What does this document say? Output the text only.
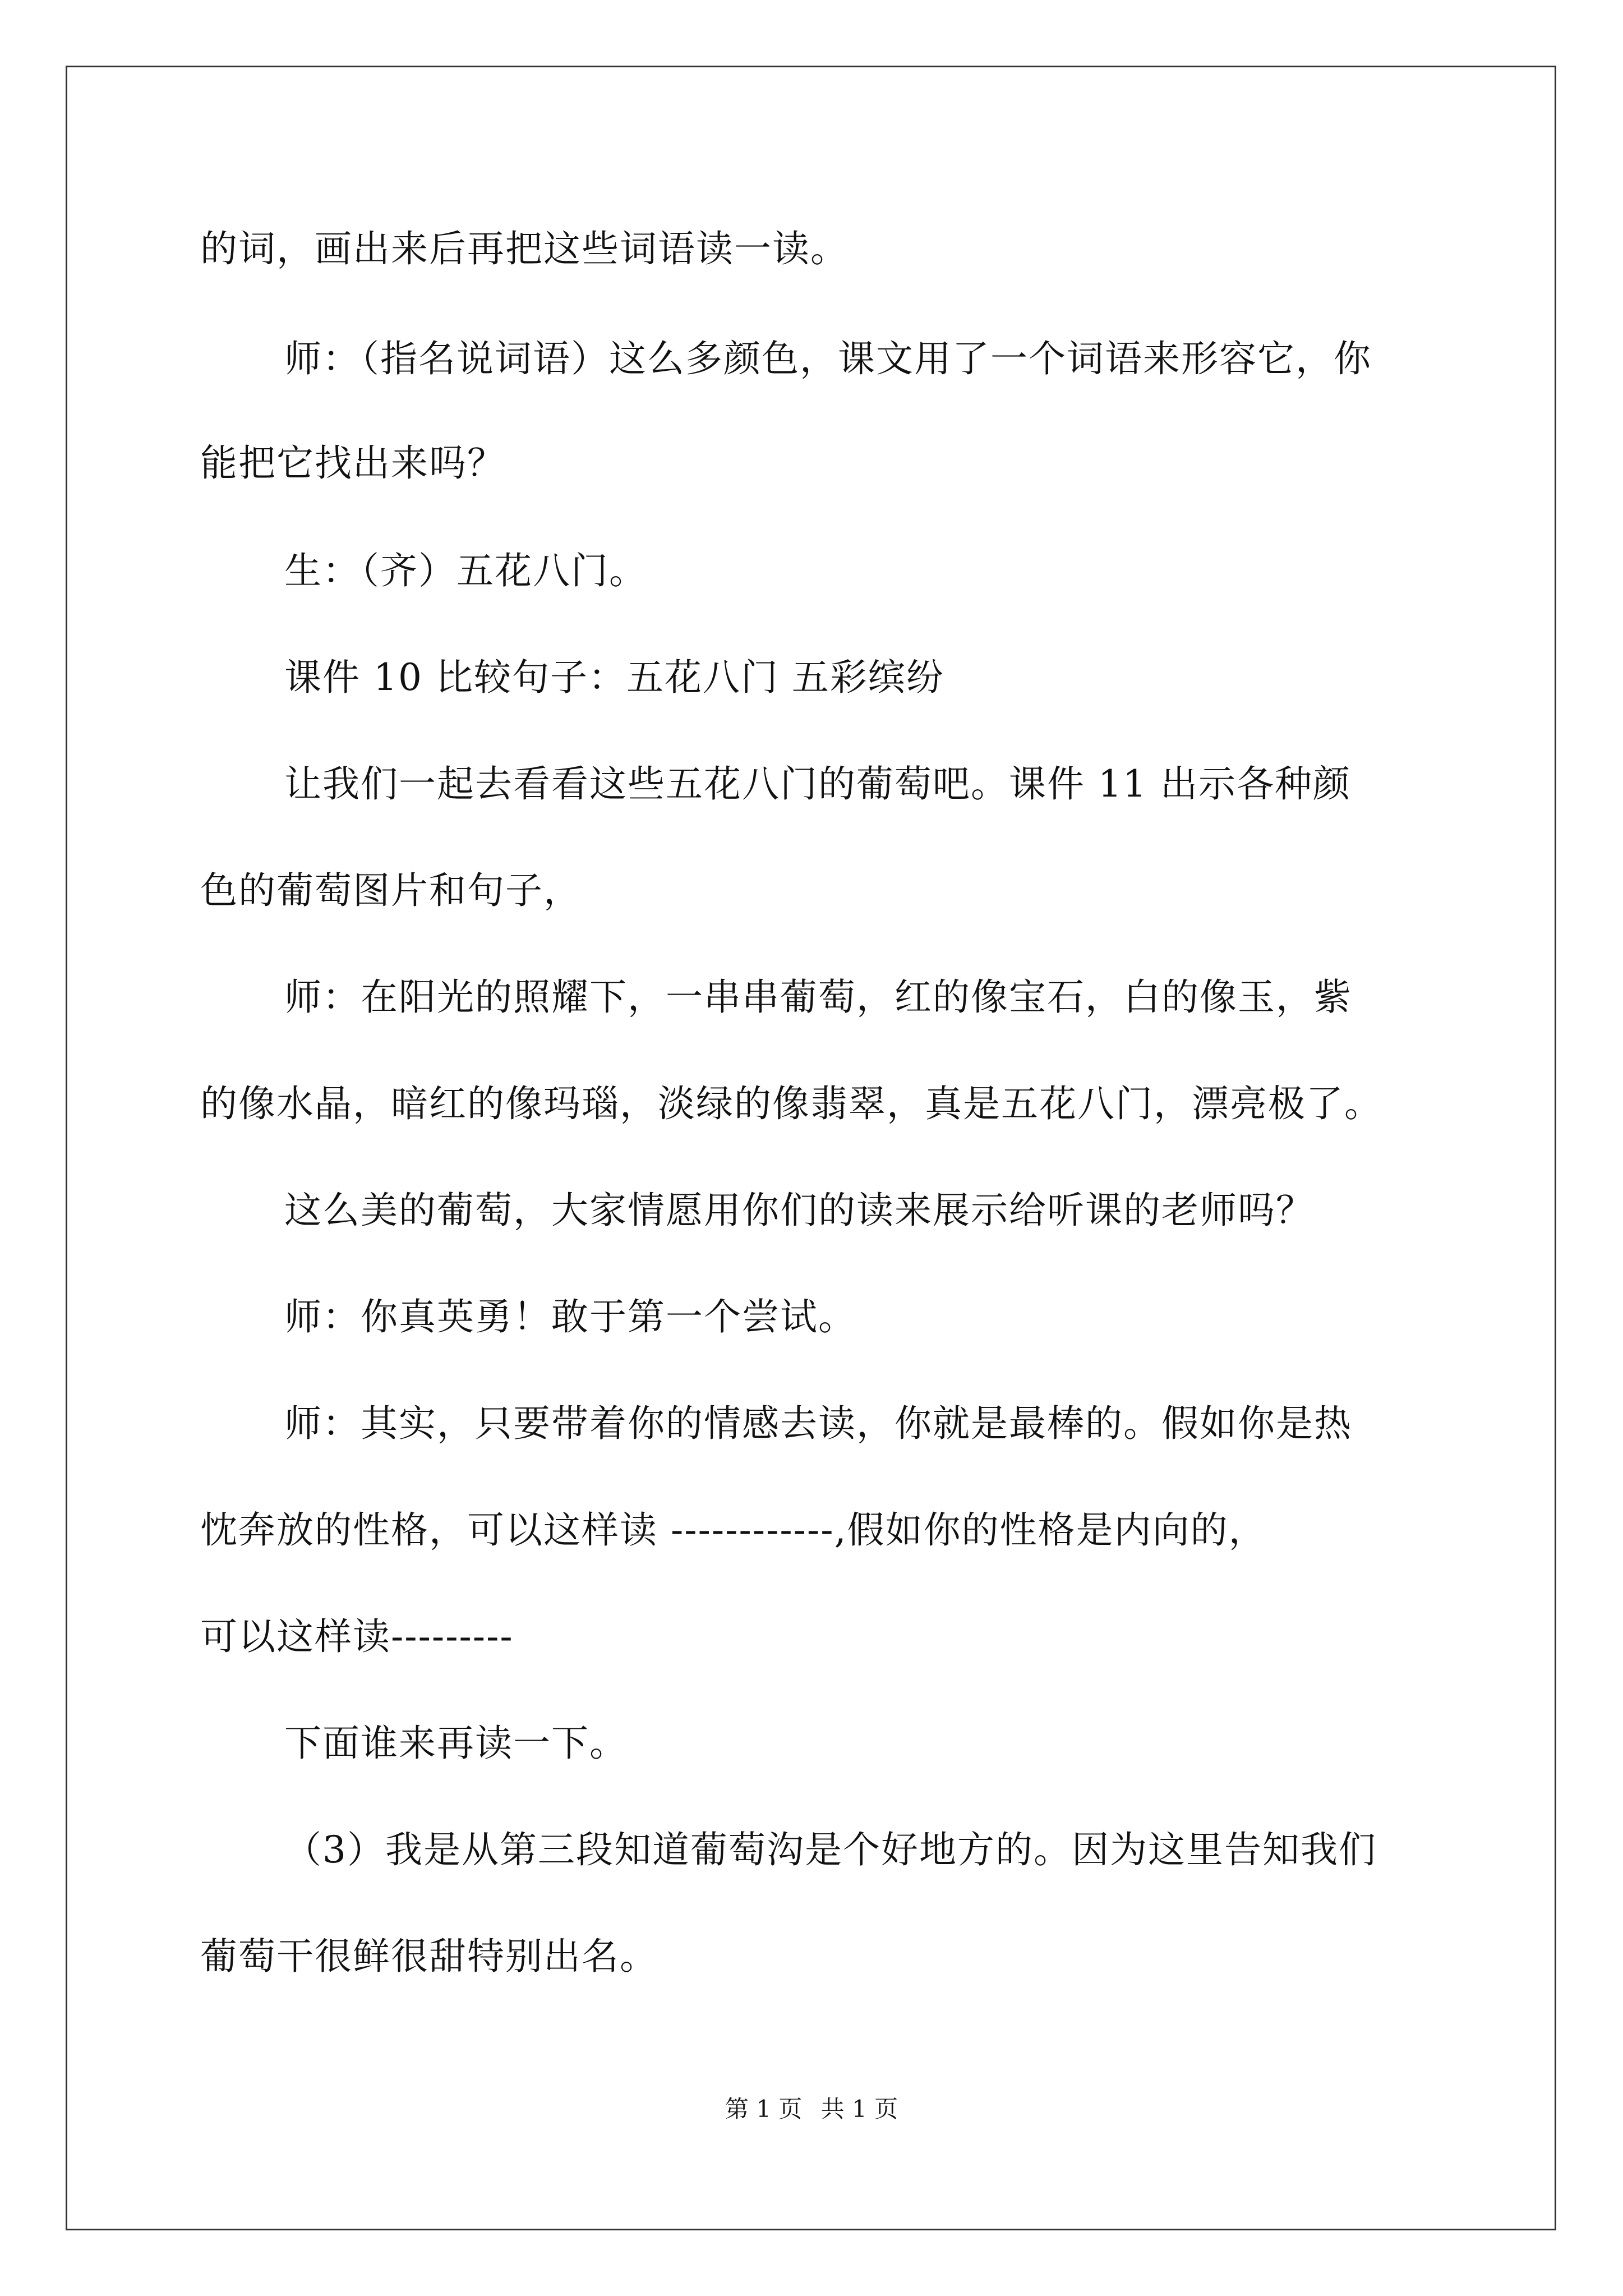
的词，画出来后再把这些词语读一读。
师：（指名说词语）这么多颜色，课文用了一个词语来形容它，你
能把它找出来吗？
生：（齐）五花八门。
课件 10 比较句子：五花八门 五彩缤纷
让我们一起去看看这些五花八门的葡萄吧。课件 11 出示各种颜
色的葡萄图片和句子，
师：在阳光的照耀下，一串串葡萄，红的像宝石，白的像玉，紫
的像水晶，暗红的像玛瑙，淡绿的像翡翠，真是五花八门，漂亮极了。
这么美的葡萄，大家情愿用你们的读来展示给听课的老师吗？
师：你真英勇！敢于第一个尝试。
师：其实，只要带着你的情感去读，你就是最棒的。假如你是热
忱奔放的性格，可以这样读 ------------,假如你的性格是内向的，
可以这样读---------
下面谁来再读一下。
（3）我是从第三段知道葡萄沟是个好地方的。因为这里告知我们
葡萄干很鲜很甜特别出名。
第 1 页 共 1 页
